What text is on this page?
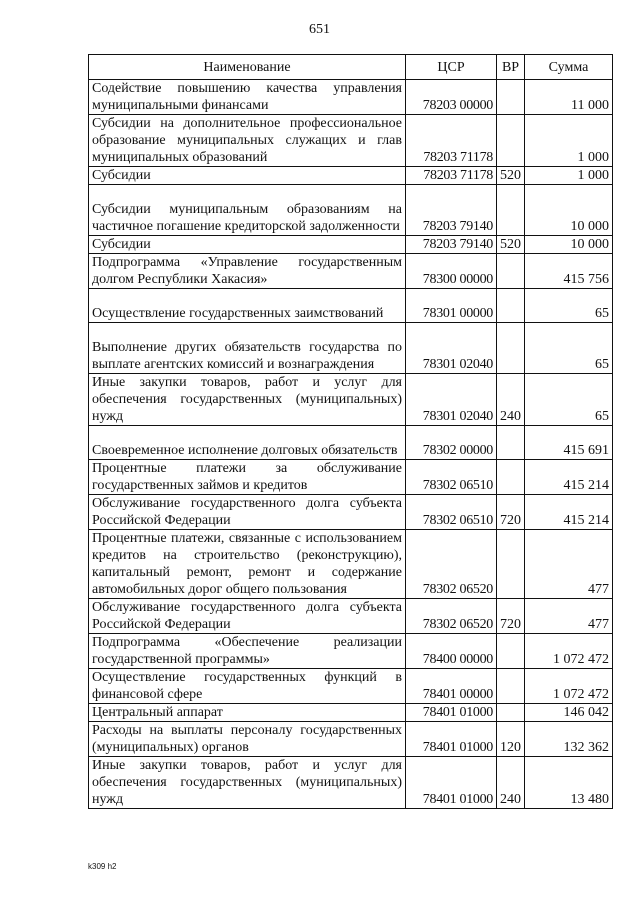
651
Наименование	ЦСР	ВР	Сумма
Содействие повышению качества управления муниципальными финансами	78203 00000		11 000
Субсидии на дополнительное профессиональное образование муниципальных служащих и глав муниципальных образований	78203 71178		1 000
Субсидии	78203 71178	520	1 000
Субсидии муниципальным образованиям на частичное погашение кредиторской задолженности	78203 79140		10 000
Субсидии	78203 79140	520	10 000
Подпрограмма «Управление государственным долгом Республики Хакасия»	78300 00000		415 756
Осуществление государственных заимствований	78301 00000		65
Выполнение других обязательств государства по выплате агентских комиссий и вознаграждения	78301 02040		65
Иные закупки товаров, работ и услуг для обеспечения государственных (муниципальных) нужд	78301 02040	240	65
Своевременное исполнение долговых обязательств	78302 00000		415 691
Процентные платежи за обслуживание государственных займов и кредитов	78302 06510		415 214
Обслуживание государственного долга субъекта Российской Федерации	78302 06510	720	415 214
Процентные платежи, связанные с использованием кредитов на строительство (реконструкцию), капитальный ремонт, ремонт и содержание автомобильных дорог общего пользования	78302 06520		477
Обслуживание государственного долга субъекта Российской Федерации	78302 06520	720	477
Подпрограмма «Обеспечение реализации государственной программы»	78400 00000		1 072 472
Осуществление государственных функций в финансовой сфере	78401 00000		1 072 472
Центральный аппарат	78401 01000		146 042
Расходы на выплаты персоналу государственных (муниципальных) органов	78401 01000	120	132 362
Иные закупки товаров, работ и услуг для обеспечения государственных (муниципальных) нужд	78401 01000	240	13 480
k309 h2
